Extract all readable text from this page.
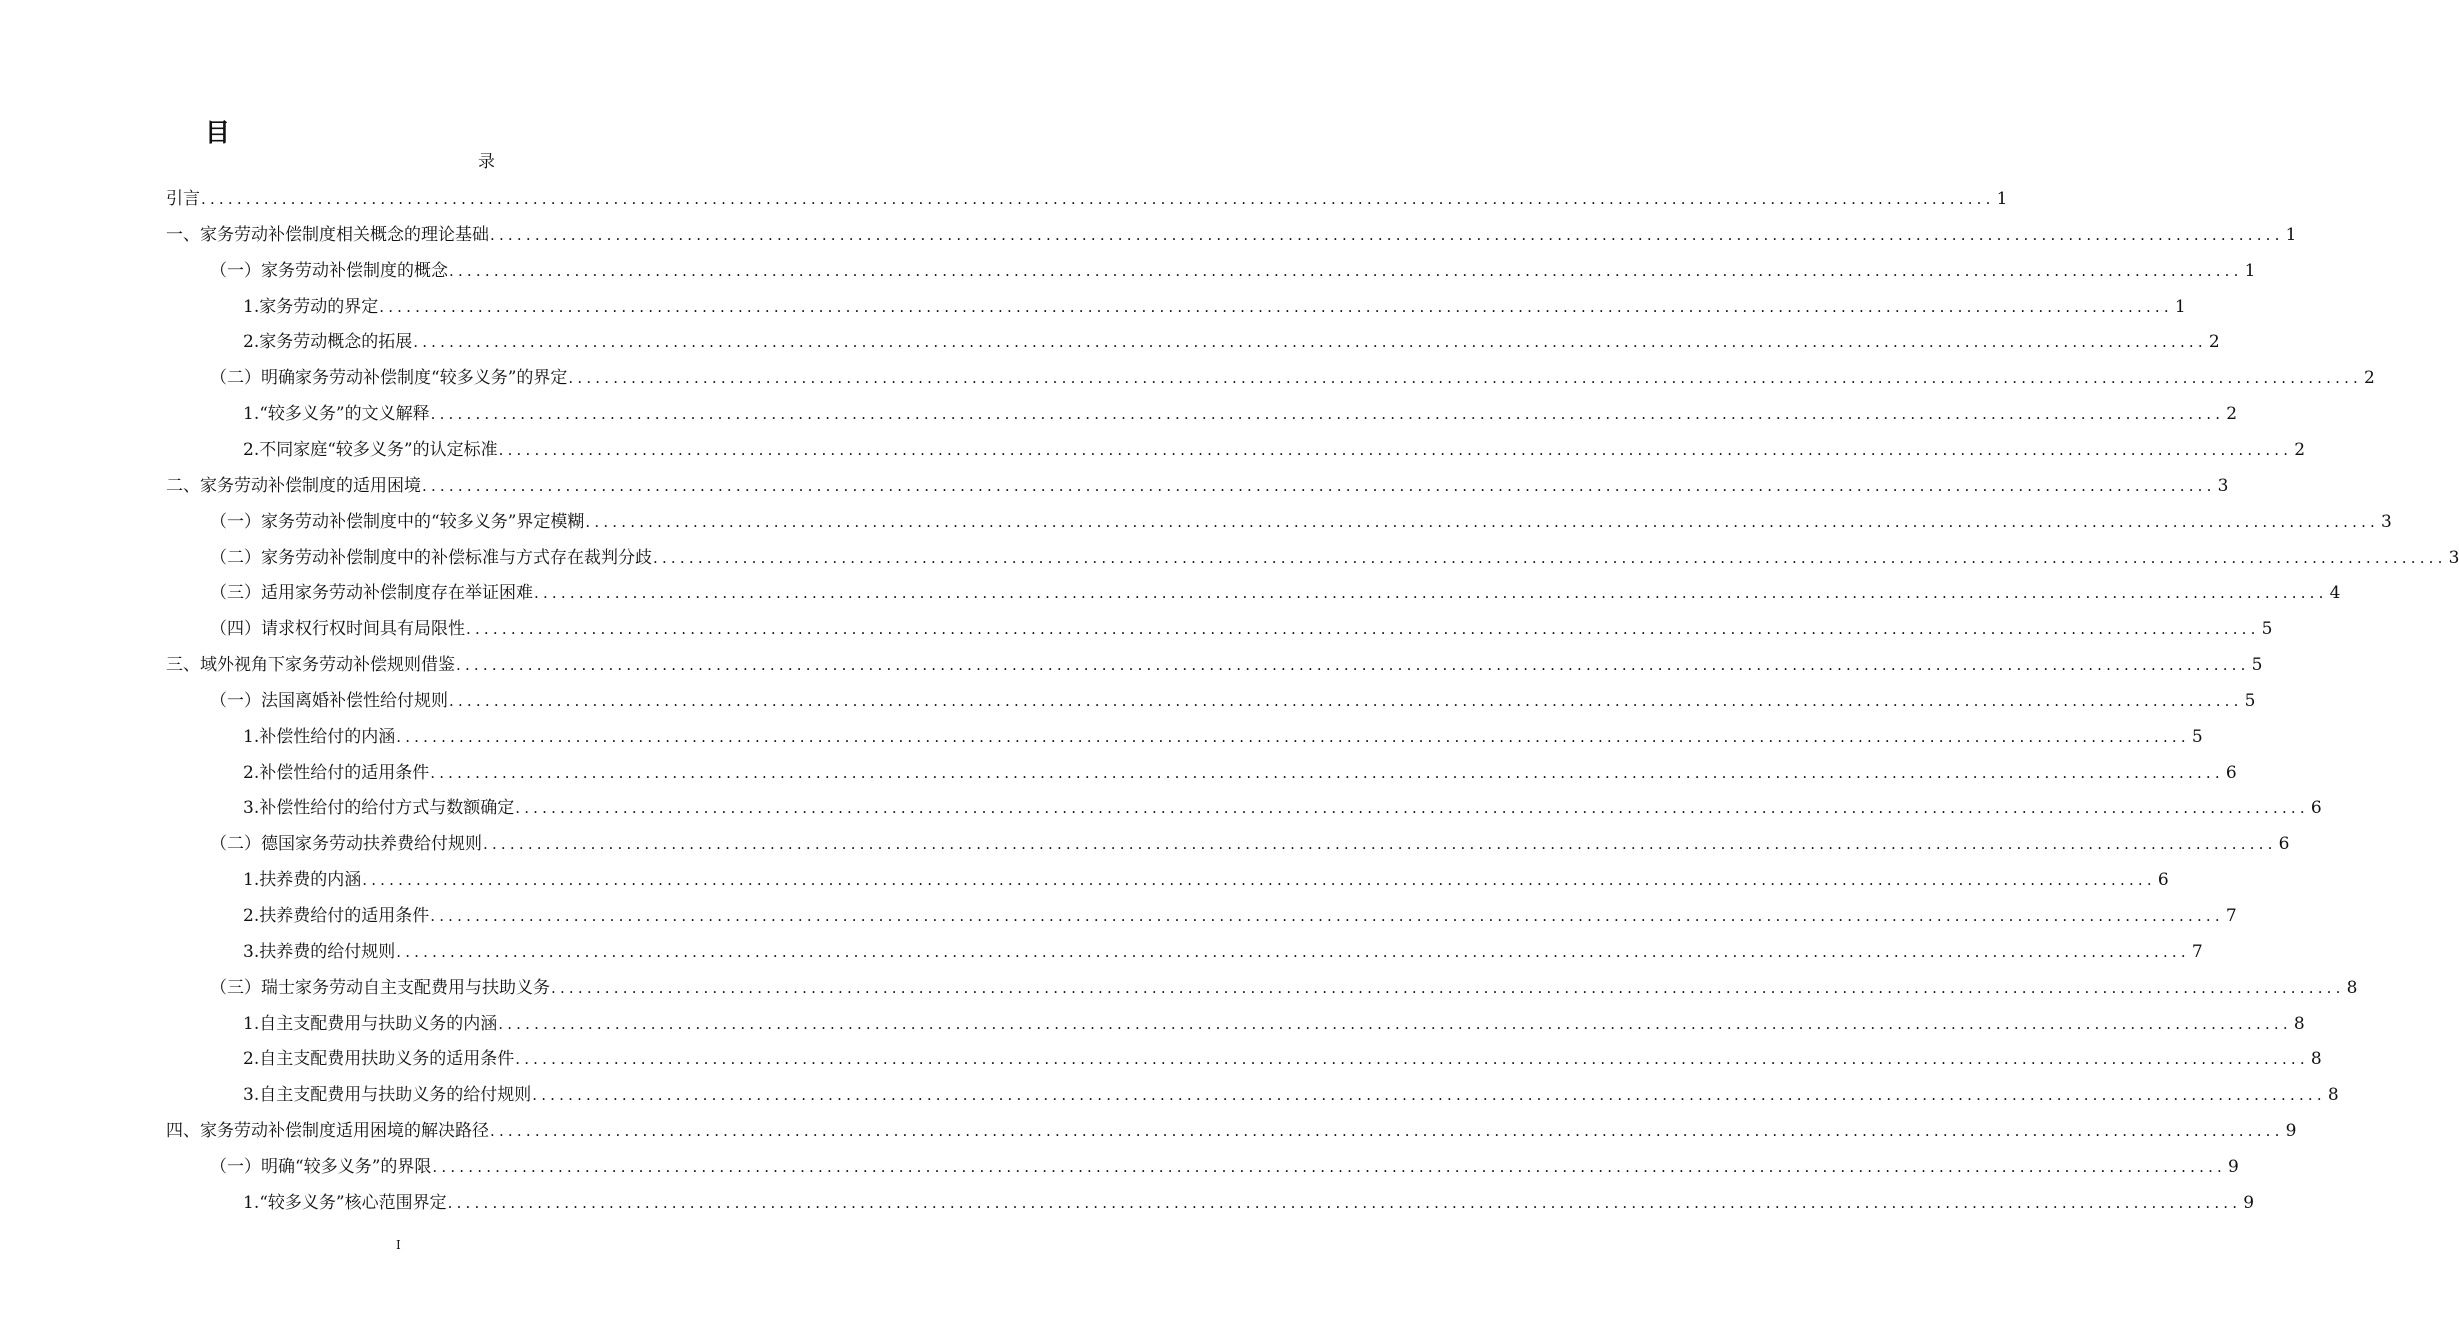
目
录
引言 ........................................................................................................................................................................................................ 1
一、家务劳动补偿制度相关概念的理论基础 ........................................................................................................................................................................................................ 1
（一）家务劳动补偿制度的概念 ........................................................................................................................................................................................................ 1
1.家务劳动的界定 ........................................................................................................................................................................................................ 1
2.家务劳动概念的拓展 ........................................................................................................................................................................................................ 2
（二）明确家务劳动补偿制度“较多义务”的界定 ........................................................................................................................................................................................................ 2
1.“较多义务”的文义解释 ........................................................................................................................................................................................................ 2
2.不同家庭“较多义务”的认定标准 ........................................................................................................................................................................................................ 2
二、家务劳动补偿制度的适用困境 ........................................................................................................................................................................................................ 3
（一）家务劳动补偿制度中的“较多义务”界定模糊 ........................................................................................................................................................................................................ 3
（二）家务劳动补偿制度中的补偿标准与方式存在裁判分歧 ........................................................................................................................................................................................................ 3
（三）适用家务劳动补偿制度存在举证困难 ........................................................................................................................................................................................................ 4
（四）请求权行权时间具有局限性 ........................................................................................................................................................................................................ 5
三、域外视角下家务劳动补偿规则借鉴 ........................................................................................................................................................................................................ 5
（一）法国离婚补偿性给付规则 ........................................................................................................................................................................................................ 5
1.补偿性给付的内涵 ........................................................................................................................................................................................................ 5
2.补偿性给付的适用条件 ........................................................................................................................................................................................................ 6
3.补偿性给付的给付方式与数额确定 ........................................................................................................................................................................................................ 6
（二）德国家务劳动扶养费给付规则 ........................................................................................................................................................................................................ 6
1.扶养费的内涵 ........................................................................................................................................................................................................ 6
2.扶养费给付的适用条件 ........................................................................................................................................................................................................ 7
3.扶养费的给付规则 ........................................................................................................................................................................................................ 7
（三）瑞士家务劳动自主支配费用与扶助义务 ........................................................................................................................................................................................................ 8
1.自主支配费用与扶助义务的内涵 ........................................................................................................................................................................................................ 8
2.自主支配费用扶助义务的适用条件 ........................................................................................................................................................................................................ 8
3.自主支配费用与扶助义务的给付规则 ........................................................................................................................................................................................................ 8
四、家务劳动补偿制度适用困境的解决路径 ........................................................................................................................................................................................................ 9
（一）明确“较多义务”的界限 ........................................................................................................................................................................................................ 9
1.“较多义务”核心范围界定 ........................................................................................................................................................................................................ 9
I
